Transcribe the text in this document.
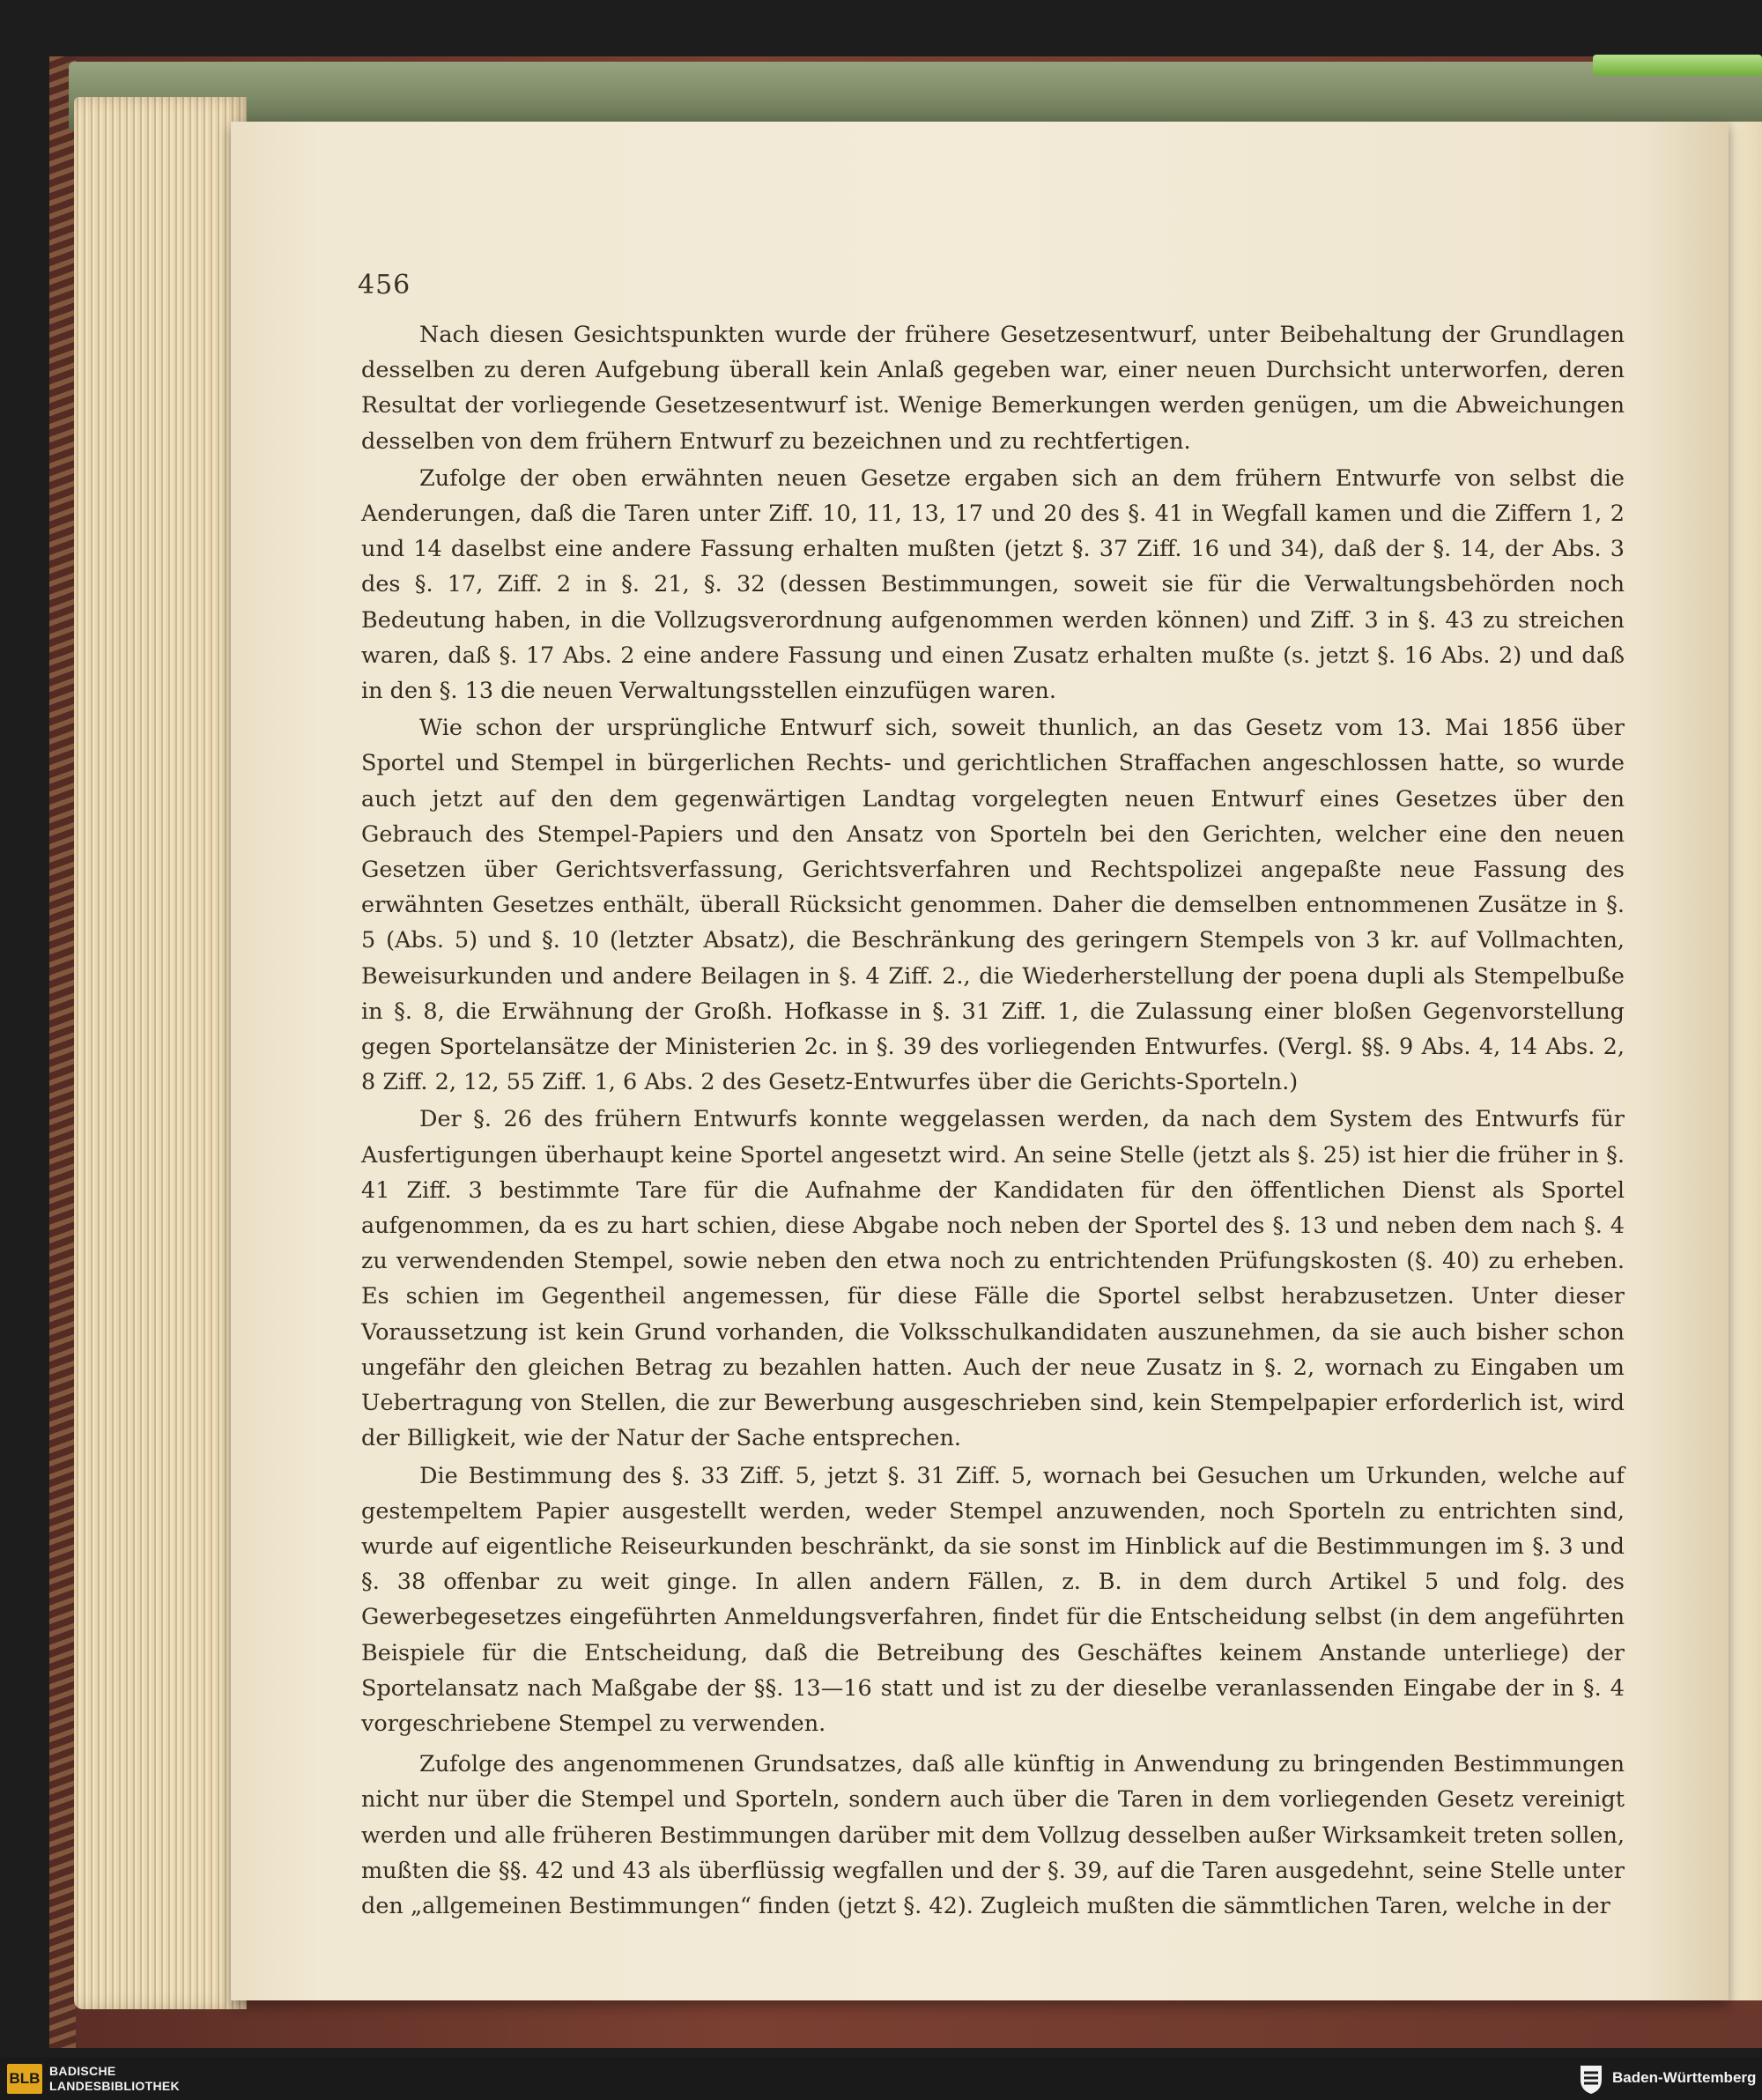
456

Nach diesen Gesichtspunkten wurde der frühere Gesetzesentwurf, unter Beibehaltung der Grundlagen desselben zu deren Aufgebung überall kein Anlaß gegeben war, einer neuen Durchsicht unterworfen, deren Resultat der vorliegende Gesetzesentwurf ist. Wenige Bemerkungen werden genügen, um die Abweichungen desselben von dem frühern Entwurf zu bezeichnen und zu rechtfertigen.

Zufolge der oben erwähnten neuen Gesetze ergaben sich an dem frühern Entwurfe von selbst die Aenderungen, daß die Taren unter Ziff. 10, 11, 13, 17 und 20 des §. 41 in Wegfall kamen und die Ziffern 1, 2 und 14 daselbst eine andere Fassung erhalten mußten (jetzt §. 37 Ziff. 16 und 34), daß der §. 14, der Abs. 3 des §. 17, Ziff. 2 in §. 21, §. 32 (dessen Bestimmungen, soweit sie für die Verwaltungsbehörden noch Bedeutung haben, in die Vollzugsverordnung aufgenommen werden können) und Ziff. 3 in §. 43 zu streichen waren, daß §. 17 Abs. 2 eine andere Fassung und einen Zusatz erhalten mußte (s. jetzt §. 16 Abs. 2) und daß in den §. 13 die neuen Verwaltungsstellen einzufügen waren.

Wie schon der ursprüngliche Entwurf sich, soweit thunlich, an das Gesetz vom 13. Mai 1856 über Sportel und Stempel in bürgerlichen Rechts- und gerichtlichen Straffachen angeschlossen hatte, so wurde auch jetzt auf den dem gegenwärtigen Landtag vorgelegten neuen Entwurf eines Gesetzes über den Gebrauch des Stempel-Papiers und den Ansatz von Sporteln bei den Gerichten, welcher eine den neuen Gesetzen über Gerichtsverfassung, Gerichtsverfahren und Rechtspolizei angepaßte neue Fassung des erwähnten Gesetzes enthält, überall Rücksicht genommen. Daher die demselben entnommenen Zusätze in §. 5 (Abs. 5) und §. 10 (letzter Absatz), die Beschränkung des geringern Stempels von 3 kr. auf Vollmachten, Beweisurkunden und andere Beilagen in §. 4 Ziff. 2., die Wiederherstellung der poena dupli als Stempelbuße in §. 8, die Erwähnung der Großh. Hofkasse in §. 31 Ziff. 1, die Zulassung einer bloßen Gegenvorstellung gegen Sportelansätze der Ministerien 2c. in §. 39 des vorliegenden Entwurfes. (Vergl. §§. 9 Abs. 4, 14 Abs. 2, 8 Ziff. 2, 12, 55 Ziff. 1, 6 Abs. 2 des Gesetz-Entwurfes über die Gerichts-Sporteln.)

Der §. 26 des frühern Entwurfs konnte weggelassen werden, da nach dem System des Entwurfs für Ausfertigungen überhaupt keine Sportel angesetzt wird. An seine Stelle (jetzt als §. 25) ist hier die früher in §. 41 Ziff. 3 bestimmte Tare für die Aufnahme der Kandidaten für den öffentlichen Dienst als Sportel aufgenommen, da es zu hart schien, diese Abgabe noch neben der Sportel des §. 13 und neben dem nach §. 4 zu verwendenden Stempel, sowie neben den etwa noch zu entrichtenden Prüfungskosten (§. 40) zu erheben. Es schien im Gegentheil angemessen, für diese Fälle die Sportel selbst herabzusetzen. Unter dieser Voraussetzung ist kein Grund vorhanden, die Volksschulkandidaten auszunehmen, da sie auch bisher schon ungefähr den gleichen Betrag zu bezahlen hatten. Auch der neue Zusatz in §. 2, wornach zu Eingaben um Uebertragung von Stellen, die zur Bewerbung ausgeschrieben sind, kein Stempelpapier erforderlich ist, wird der Billigkeit, wie der Natur der Sache entsprechen.

Die Bestimmung des §. 33 Ziff. 5, jetzt §. 31 Ziff. 5, wornach bei Gesuchen um Urkunden, welche auf gestempeltem Papier ausgestellt werden, weder Stempel anzuwenden, noch Sporteln zu entrichten sind, wurde auf eigentliche Reiseurkunden beschränkt, da sie sonst im Hinblick auf die Bestimmungen im §. 3 und §. 38 offenbar zu weit ginge. In allen andern Fällen, z. B. in dem durch Artikel 5 und folg. des Gewerbegesetzes eingeführten Anmeldungsverfahren, findet für die Entscheidung selbst (in dem angeführten Beispiele für die Entscheidung, daß die Betreibung des Geschäftes keinem Anstande unterliege) der Sportelansatz nach Maßgabe der §§. 13—16 statt und ist zu der dieselbe veranlassenden Eingabe der in §. 4 vorgeschriebene Stempel zu verwenden.

Zufolge des angenommenen Grundsatzes, daß alle künftig in Anwendung zu bringenden Bestimmungen nicht nur über die Stempel und Sporteln, sondern auch über die Taren in dem vorliegenden Gesetz vereinigt werden und alle früheren Bestimmungen darüber mit dem Vollzug desselben außer Wirksamkeit treten sollen, mußten die §§. 42 und 43 als überflüssig wegfallen und der §. 39, auf die Taren ausgedehnt, seine Stelle unter den „allgemeinen Bestimmungen“ finden (jetzt §. 42). Zugleich mußten die sämmtlichen Taren, welche in der

BLB BADISCHE
LANDESBIBLIOTHEK	Baden-Württemberg
